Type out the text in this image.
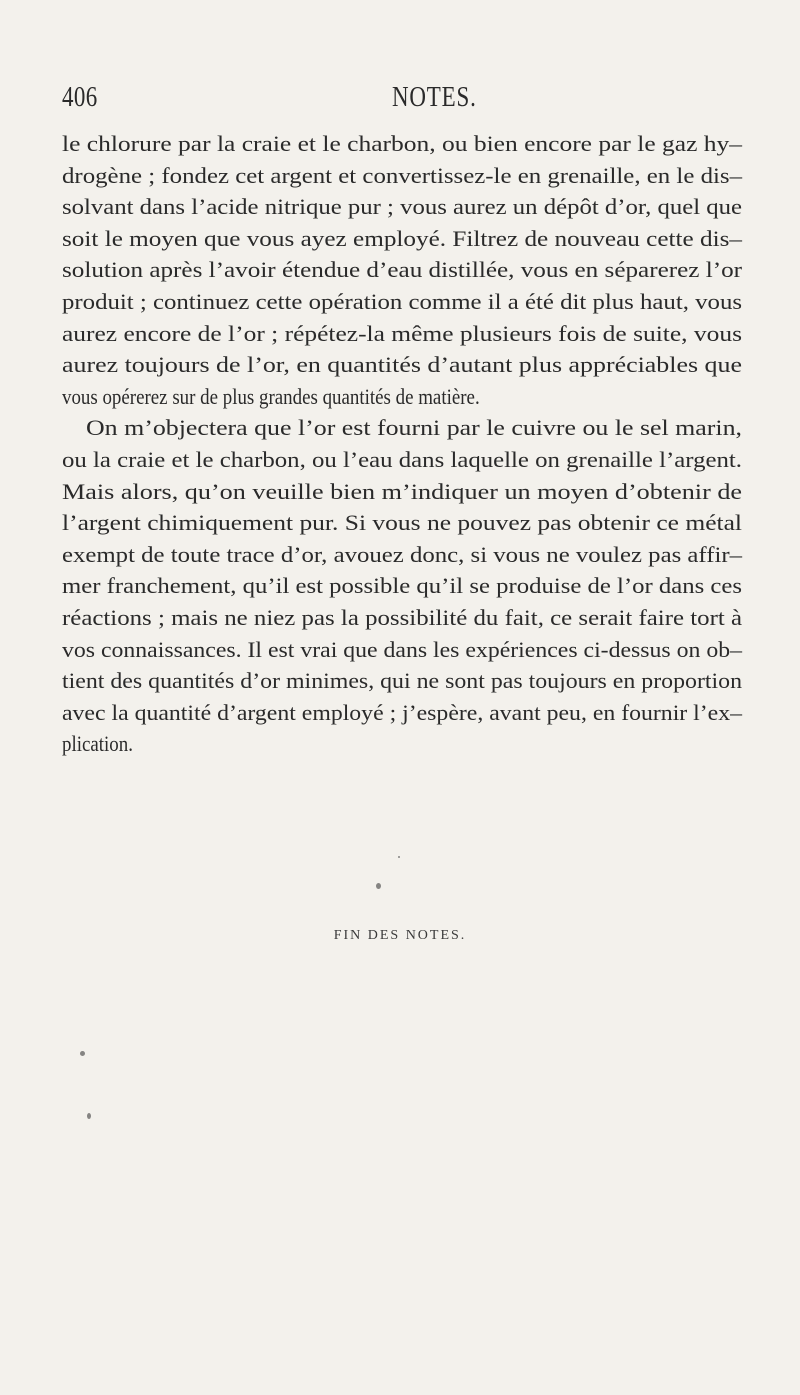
406	NOTES.
le chlorure par la craie et le charbon, ou bien encore par le gaz hy–
drogène ; fondez cet argent et convertissez-le en grenaille, en le dis–
solvant dans l’acide nitrique pur ; vous aurez un dépôt d’or, quel que
soit le moyen que vous ayez employé. Filtrez de nouveau cette dis–
solution après l’avoir étendue d’eau distillée, vous en séparerez l’or
produit ; continuez cette opération comme il a été dit plus haut, vous
aurez encore de l’or ; répétez-la même plusieurs fois de suite, vous
aurez toujours de l’or, en quantités d’autant plus appréciables que
vous opérerez sur de plus grandes quantités de matière.
On m’objectera que l’or est fourni par le cuivre ou le sel marin,
ou la craie et le charbon, ou l’eau dans laquelle on grenaille l’argent.
Mais alors, qu’on veuille bien m’indiquer un moyen d’obtenir de
l’argent chimiquement pur. Si vous ne pouvez pas obtenir ce métal
exempt de toute trace d’or, avouez donc, si vous ne voulez pas affir–
mer franchement, qu’il est possible qu’il se produise de l’or dans ces
réactions ; mais ne niez pas la possibilité du fait, ce serait faire tort à
vos connaissances. Il est vrai que dans les expériences ci-dessus on ob–
tient des quantités d’or minimes, qui ne sont pas toujours en proportion
avec la quantité d’argent employé ; j’espère, avant peu, en fournir l’ex–
plication.
FIN DES NOTES.
